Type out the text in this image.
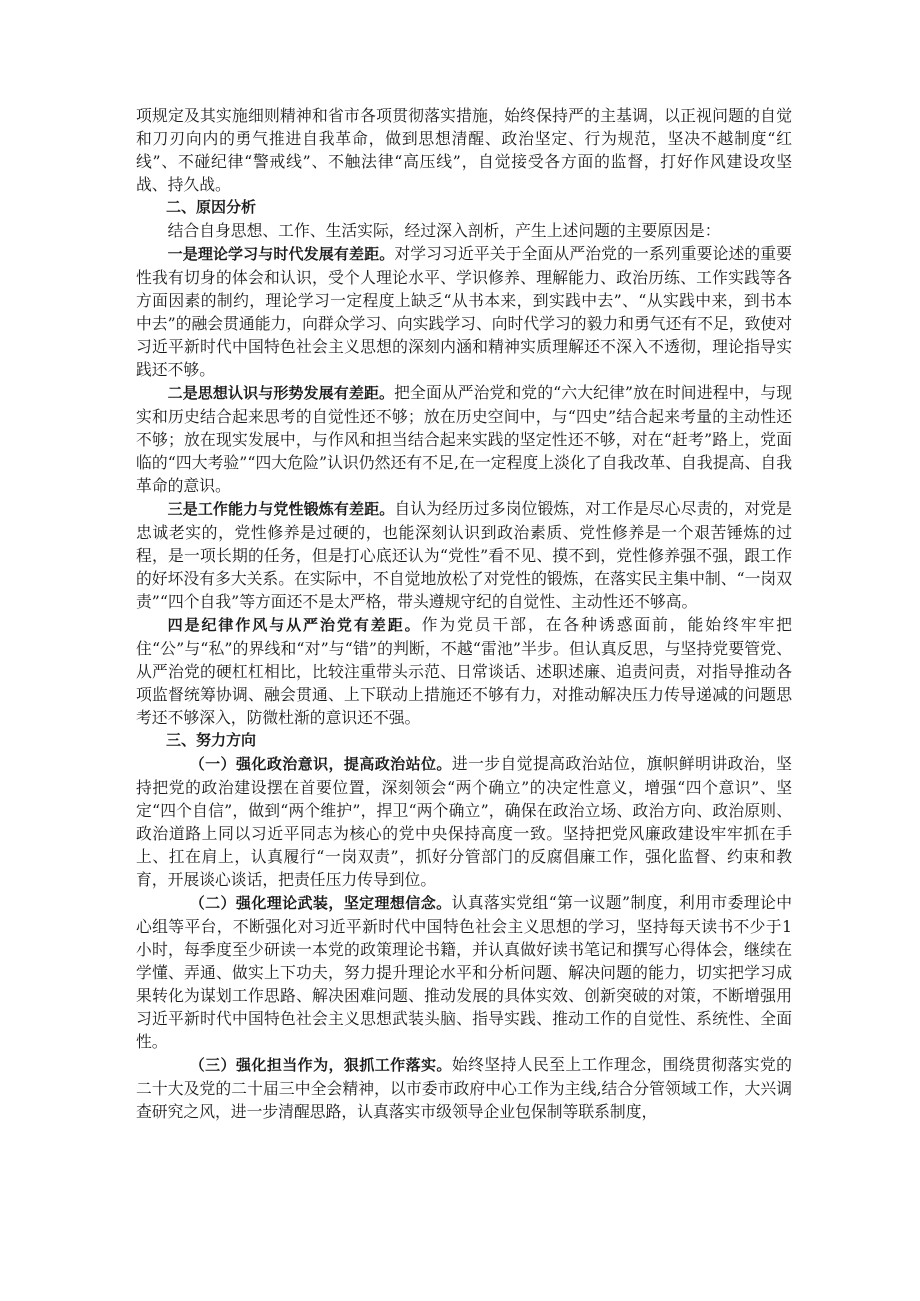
项规定及其实施细则精神和省市各项贯彻落实措施，始终保持严的主基调，以正视问题的自觉和刀刃向内的勇气推进自我革命，做到思想清醒、政治坚定、行为规范，坚决不越制度“红线”、不碰纪律“警戒线”、不触法律“高压线”，自觉接受各方面的监督，打好作风建设攻坚战、持久战。

二、原因分析

结合自身思想、工作、生活实际，经过深入剖析，产生上述问题的主要原因是：

一是理论学习与时代发展有差距。对学习习近平关于全面从严治党的一系列重要论述的重要性我有切身的体会和认识，受个人理论水平、学识修养、理解能力、政治历练、工作实践等各方面因素的制约，理论学习一定程度上缺乏“从书本来，到实践中去”、“从实践中来，到书本中去”的融会贯通能力，向群众学习、向实践学习、向时代学习的毅力和勇气还有不足，致使对习近平新时代中国特色社会主义思想的深刻内涵和精神实质理解还不深入不透彻，理论指导实践还不够。

二是思想认识与形势发展有差距。把全面从严治党和党的“六大纪律”放在时间进程中，与现实和历史结合起来思考的自觉性还不够；放在历史空间中，与“四史”结合起来考量的主动性还不够；放在现实发展中，与作风和担当结合起来实践的坚定性还不够，对在“赶考”路上，党面临的“四大考验”“四大危险”认识仍然还有不足,在一定程度上淡化了自我改革、自我提高、自我革命的意识。

三是工作能力与党性锻炼有差距。自认为经历过多岗位锻炼，对工作是尽心尽责的，对党是忠诚老实的，党性修养是过硬的，也能深刻认识到政治素质、党性修养是一个艰苦锤炼的过程，是一项长期的任务，但是打心底还认为“党性”看不见、摸不到，党性修养强不强，跟工作的好坏没有多大关系。在实际中，不自觉地放松了对党性的锻炼，在落实民主集中制、“一岗双责”“四个自我”等方面还不是太严格，带头遵规守纪的自觉性、主动性还不够高。

四是纪律作风与从严治党有差距。作为党员干部，在各种诱惑面前，能始终牢牢把住“公”与“私”的界线和“对”与“错”的判断，不越“雷池”半步。但认真反思，与坚持党要管党、从严治党的硬杠杠相比，比较注重带头示范、日常谈话、述职述廉、追责问责，对指导推动各项监督统筹协调、融会贯通、上下联动上措施还不够有力，对推动解决压力传导递减的问题思考还不够深入，防微杜渐的意识还不强。

三、努力方向

（一）强化政治意识，提高政治站位。进一步自觉提高政治站位，旗帜鲜明讲政治，坚持把党的政治建设摆在首要位置，深刻领会“两个确立”的决定性意义，增强“四个意识”、坚定“四个自信”，做到“两个维护”，捍卫“两个确立”，确保在政治立场、政治方向、政治原则、政治道路上同以习近平同志为核心的党中央保持高度一致。坚持把党风廉政建设牢牢抓在手上、扛在肩上，认真履行“一岗双责”，抓好分管部门的反腐倡廉工作，强化监督、约束和教育，开展谈心谈话，把责任压力传导到位。

（二）强化理论武装，坚定理想信念。认真落实党组“第一议题”制度，利用市委理论中心组等平台，不断强化对习近平新时代中国特色社会主义思想的学习，坚持每天读书不少于1小时，每季度至少研读一本党的政策理论书籍，并认真做好读书笔记和撰写心得体会，继续在学懂、弄通、做实上下功夫，努力提升理论水平和分析问题、解决问题的能力，切实把学习成果转化为谋划工作思路、解决困难问题、推动发展的具体实效、创新突破的对策，不断增强用习近平新时代中国特色社会主义思想武装头脑、指导实践、推动工作的自觉性、系统性、全面性。

（三）强化担当作为，狠抓工作落实。始终坚持人民至上工作理念，围绕贯彻落实党的二十大及党的二十届三中全会精神，以市委市政府中心工作为主线,结合分管领域工作，大兴调查研究之风，进一步清醒思路，认真落实市级领导企业包保制等联系制度，
